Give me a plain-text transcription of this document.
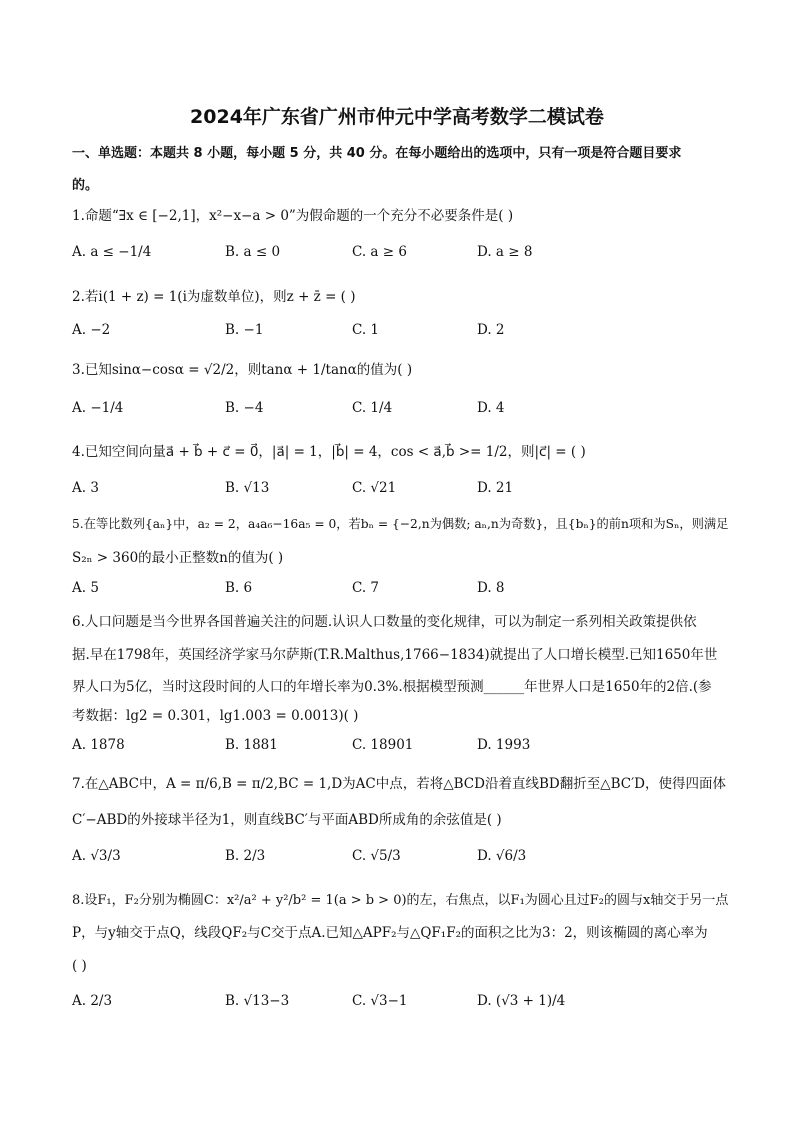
2024年广东省广州市仲元中学高考数学二模试卷
一、单选题：本题共 8 小题，每小题 5 分，共 40 分。在每小题给出的选项中，只有一项是符合题目要求
的。
1.命题“∃x ∈ [−2,1]，x²−x−a > 0”为假命题的一个充分不必要条件是( )
A. a ≤ −1/4	B. a ≤ 0	C. a ≥ 6	D. a ≥ 8
2.若i(1 + z) = 1(i为虚数单位)，则z + z̄ = ( )
A. −2	B. −1	C. 1	D. 2
3.已知sinα−cosα = √2/2，则tanα + 1/tanα的值为( )
A. −1/4	B. −4	C. 1/4	D. 4
4.已知空间向量a⃗ + b⃗ + c⃗ = 0⃗，|a⃗| = 1，|b⃗| = 4，cos < a⃗,b⃗ >= 1/2，则|c⃗| = ( )
A. 3	B. √13	C. √21	D. 21
5.在等比数列{aₙ}中，a₂ = 2，a₄a₆−16a₅ = 0，若bₙ = {−2,n为偶数; aₙ,n为奇数}，且{bₙ}的前n项和为Sₙ，则满足
S₂ₙ > 360的最小正整数n的值为( )
A. 5	B. 6	C. 7	D. 8
6.人口问题是当今世界各国普遍关注的问题.认识人口数量的变化规律，可以为制定一系列相关政策提供依
据.早在1798年，英国经济学家马尔萨斯(T.R.Malthus,1766−1834)就提出了人口增长模型.已知1650年世
界人口为5亿，当时这段时间的人口的年增长率为0.3%.根据模型预测______年世界人口是1650年的2倍.(参
考数据：lg2 = 0.301，lg1.003 = 0.0013)( )
A. 1878	B. 1881	C. 18901	D. 1993
7.在△ABC中，A = π/6,B = π/2,BC = 1,D为AC中点，若将△BCD沿着直线BD翻折至△BC′D，使得四面体
C′−ABD的外接球半径为1，则直线BC′与平面ABD所成角的余弦值是( )
A. √3/3	B. 2/3	C. √5/3	D. √6/3
8.设F₁，F₂分别为椭圆C：x²/a² + y²/b² = 1(a > b > 0)的左，右焦点，以F₁为圆心且过F₂的圆与x轴交于另一点
P，与y轴交于点Q，线段QF₂与C交于点A.已知△APF₂与△QF₁F₂的面积之比为3：2，则该椭圆的离心率为
( )
A. 2/3	B. √13−3	C. √3−1	D. (√3 + 1)/4
